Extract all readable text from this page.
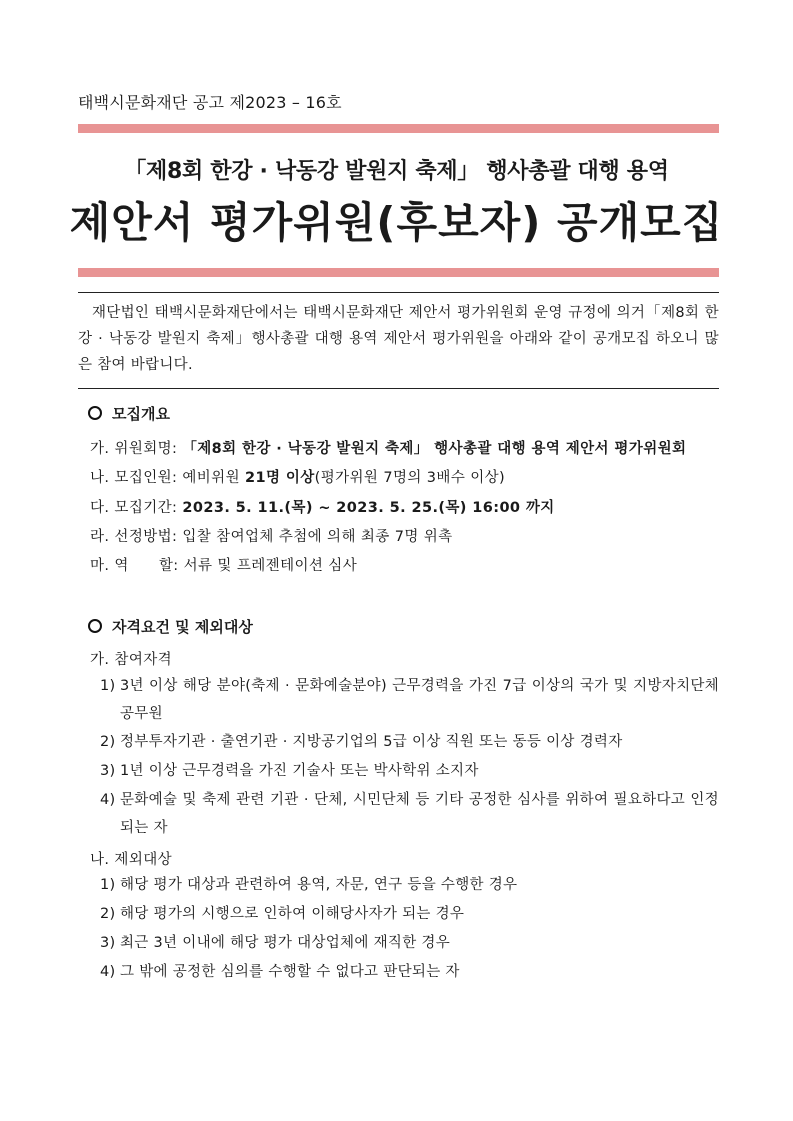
태백시문화재단 공고 제2023 – 16호
「제8회 한강 · 낙동강 발원지 축제」 행사총괄 대행 용역
제안서 평가위원(후보자) 공개모집
재단법인 태백시문화재단에서는 태백시문화재단 제안서 평가위원회 운영 규정에 의거「제8회 한강 · 낙동강 발원지 축제」행사총괄 대행 용역 제안서 평가위원을 아래와 같이 공개모집 하오니 많은 참여 바랍니다.
모집개요
가. 위원회명: 「제8회 한강 · 낙동강 발원지 축제」 행사총괄 대행 용역 제안서 평가위원회
나. 모집인원: 예비위원 21명 이상(평가위원 7명의 3배수 이상)
다. 모집기간: 2023. 5. 11.(목) ~ 2023. 5. 25.(목) 16:00 까지
라. 선정방법: 입찰 참여업체 추첨에 의해 최종 7명 위촉
마. 역      할: 서류 및 프레젠테이션 심사
자격요건 및 제외대상
가. 참여자격
1) 3년 이상 해당 분야(축제 · 문화예술분야) 근무경력을 가진 7급 이상의 국가 및 지방자치단체 공무원
2) 정부투자기관 · 출연기관 · 지방공기업의 5급 이상 직원 또는 동등 이상 경력자
3) 1년 이상 근무경력을 가진 기술사 또는 박사학위 소지자
4) 문화예술 및 축제 관련 기관 · 단체, 시민단체 등 기타 공정한 심사를 위하여 필요하다고 인정되는 자
나. 제외대상
1) 해당 평가 대상과 관련하여 용역, 자문, 연구 등을 수행한 경우
2) 해당 평가의 시행으로 인하여 이해당사자가 되는 경우
3) 최근 3년 이내에 해당 평가 대상업체에 재직한 경우
4) 그 밖에 공정한 심의를 수행할 수 없다고 판단되는 자
